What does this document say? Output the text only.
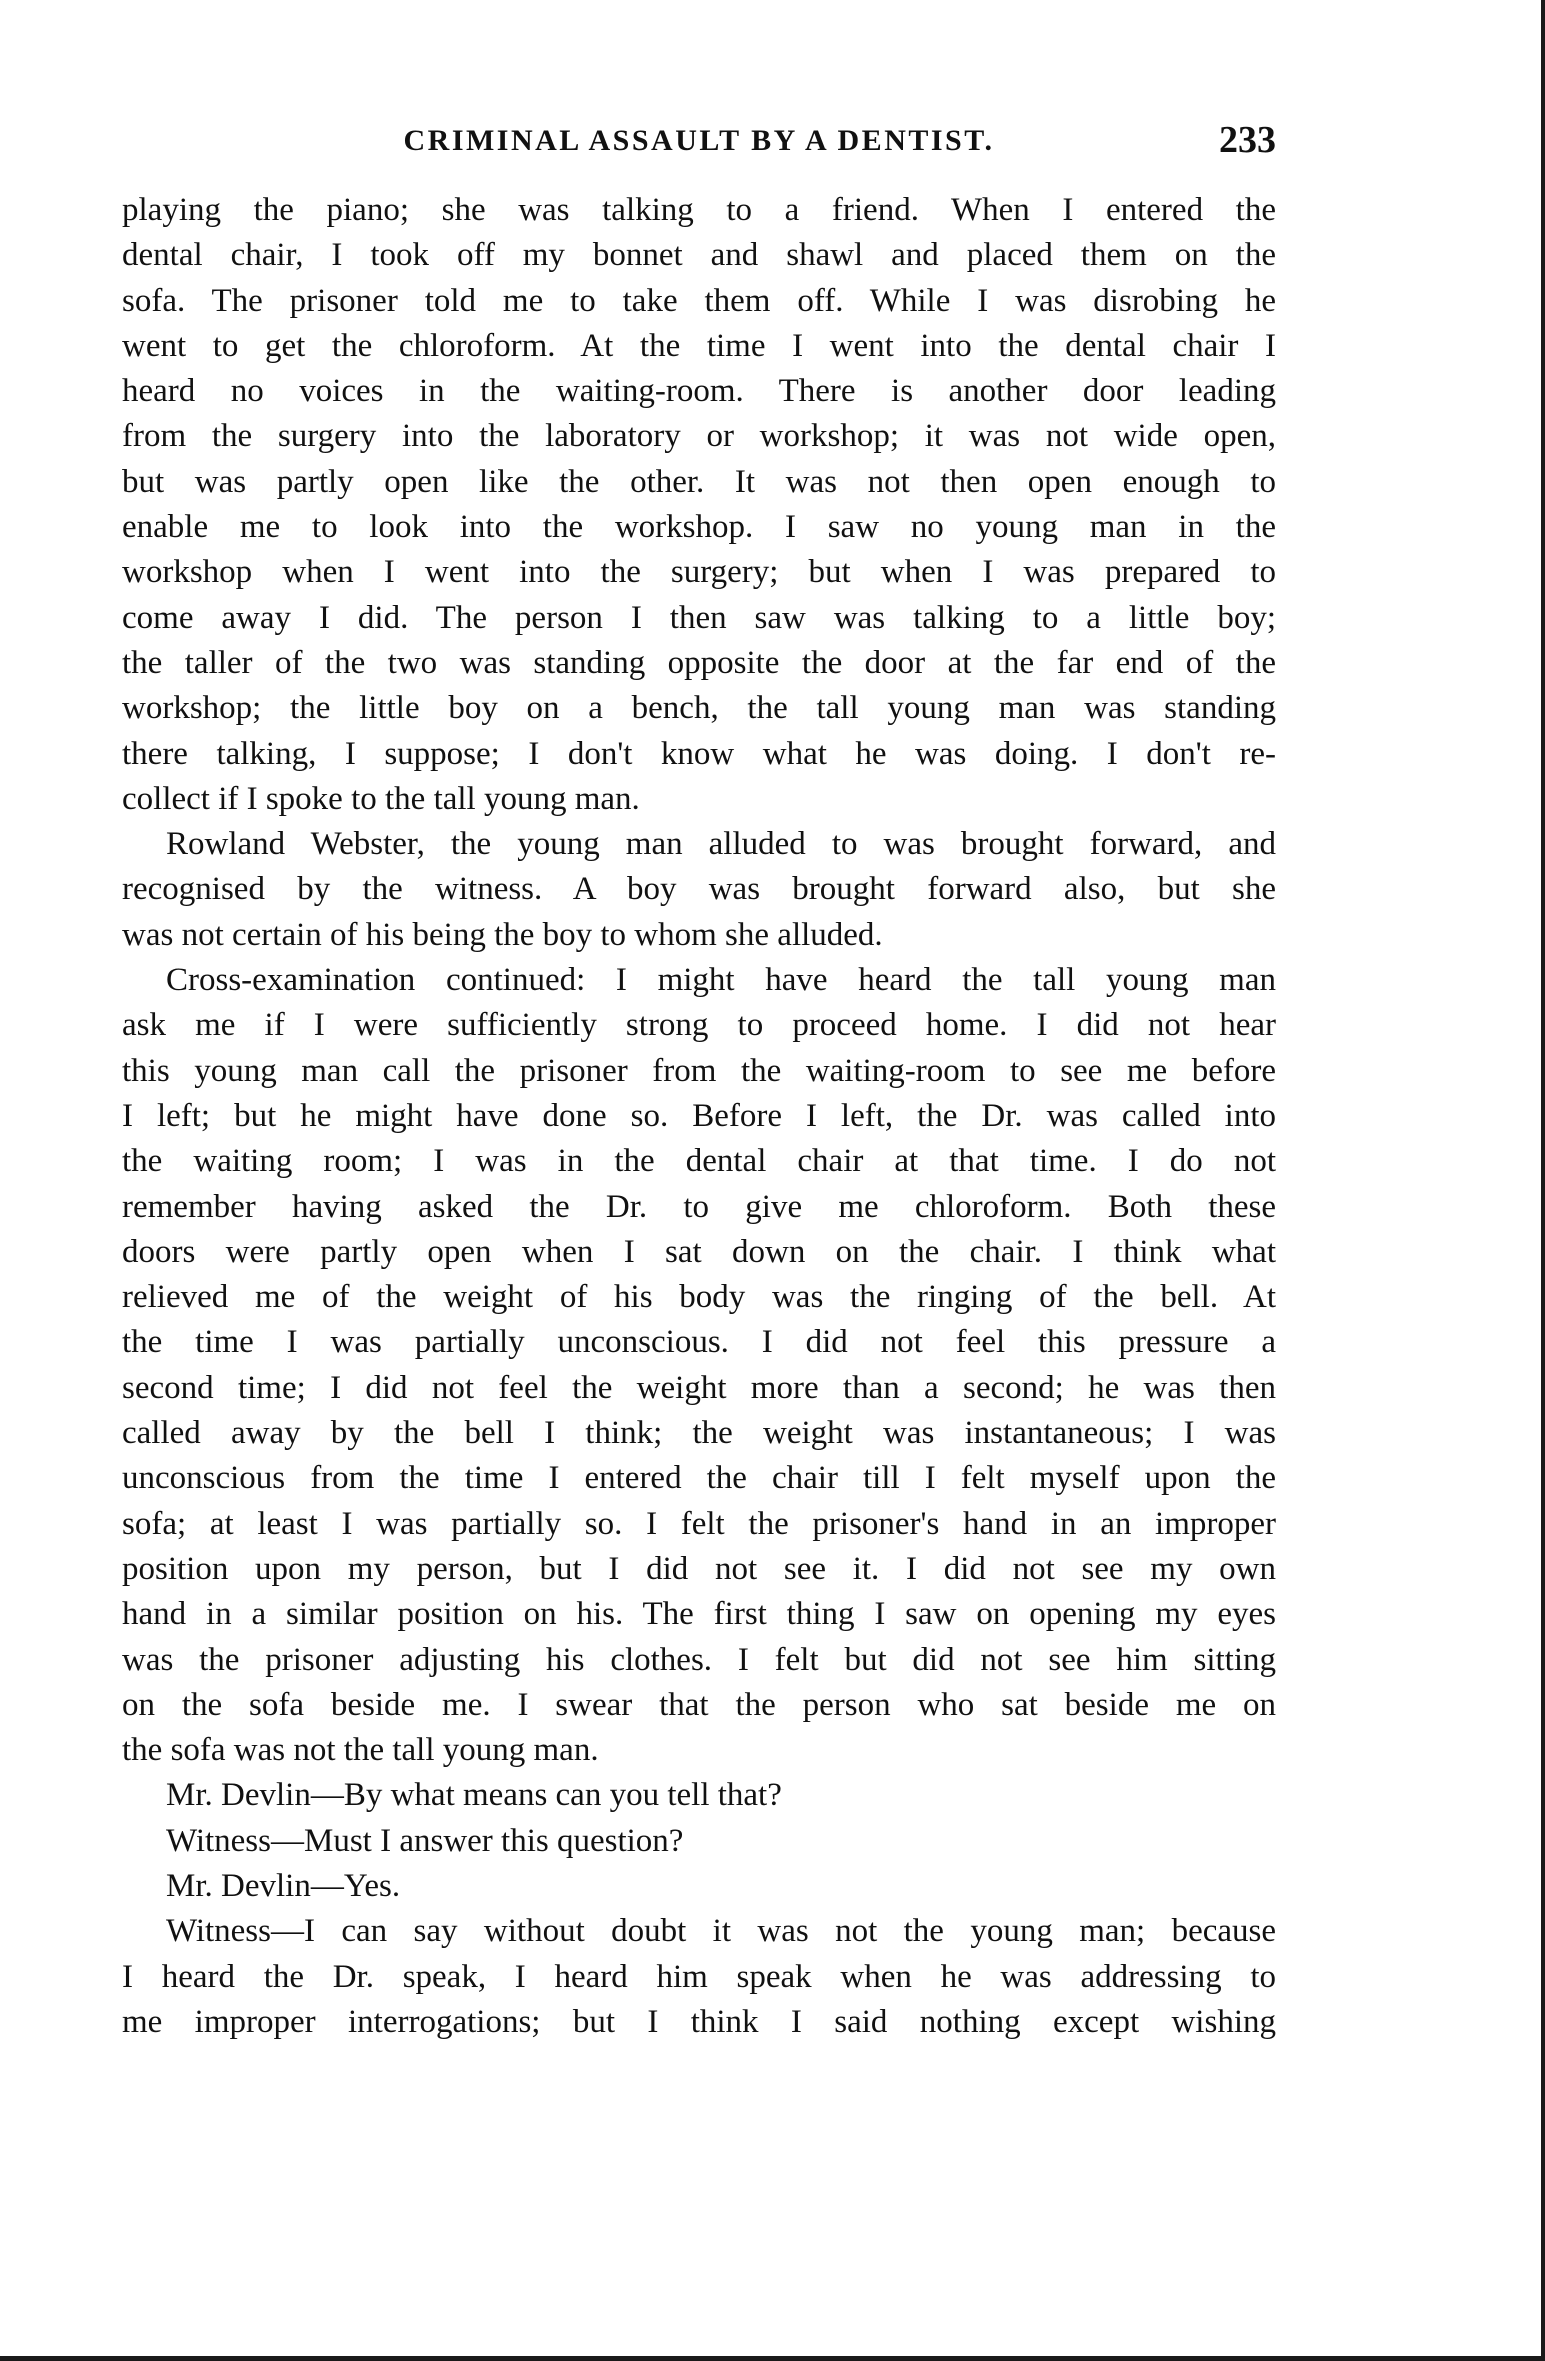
CRIMINAL ASSAULT BY A DENTIST.	233
playing the piano; she was talking to a friend. When I entered the
dental chair, I took off my bonnet and shawl and placed them on the
sofa. The prisoner told me to take them off. While I was disrobing he
went to get the chloroform. At the time I went into the dental chair I
heard no voices in the waiting-room. There is another door leading
from the surgery into the laboratory or workshop; it was not wide open,
but was partly open like the other. It was not then open enough to
enable me to look into the workshop. I saw no young man in the
workshop when I went into the surgery; but when I was prepared to
come away I did. The person I then saw was talking to a little boy;
the taller of the two was standing opposite the door at the far end of the
workshop; the little boy on a bench, the tall young man was standing
there talking, I suppose; I don't know what he was doing. I don't re-
collect if I spoke to the tall young man.
Rowland Webster, the young man alluded to was brought forward, and
recognised by the witness. A boy was brought forward also, but she
was not certain of his being the boy to whom she alluded.
Cross-examination continued: I might have heard the tall young man
ask me if I were sufficiently strong to proceed home. I did not hear
this young man call the prisoner from the waiting-room to see me before
I left; but he might have done so. Before I left, the Dr. was called into
the waiting room; I was in the dental chair at that time. I do not
remember having asked the Dr. to give me chloroform. Both these
doors were partly open when I sat down on the chair. I think what
relieved me of the weight of his body was the ringing of the bell. At
the time I was partially unconscious. I did not feel this pressure a
second time; I did not feel the weight more than a second; he was then
called away by the bell I think; the weight was instantaneous; I was
unconscious from the time I entered the chair till I felt myself upon the
sofa; at least I was partially so. I felt the prisoner's hand in an improper
position upon my person, but I did not see it. I did not see my own
hand in a similar position on his. The first thing I saw on opening my eyes
was the prisoner adjusting his clothes. I felt but did not see him sitting
on the sofa beside me. I swear that the person who sat beside me on
the sofa was not the tall young man.
Mr. Devlin—By what means can you tell that?
Witness—Must I answer this question?
Mr. Devlin—Yes.
Witness—I can say without doubt it was not the young man; because
I heard the Dr. speak, I heard him speak when he was addressing to
me improper interrogations; but I think I said nothing except wishing
